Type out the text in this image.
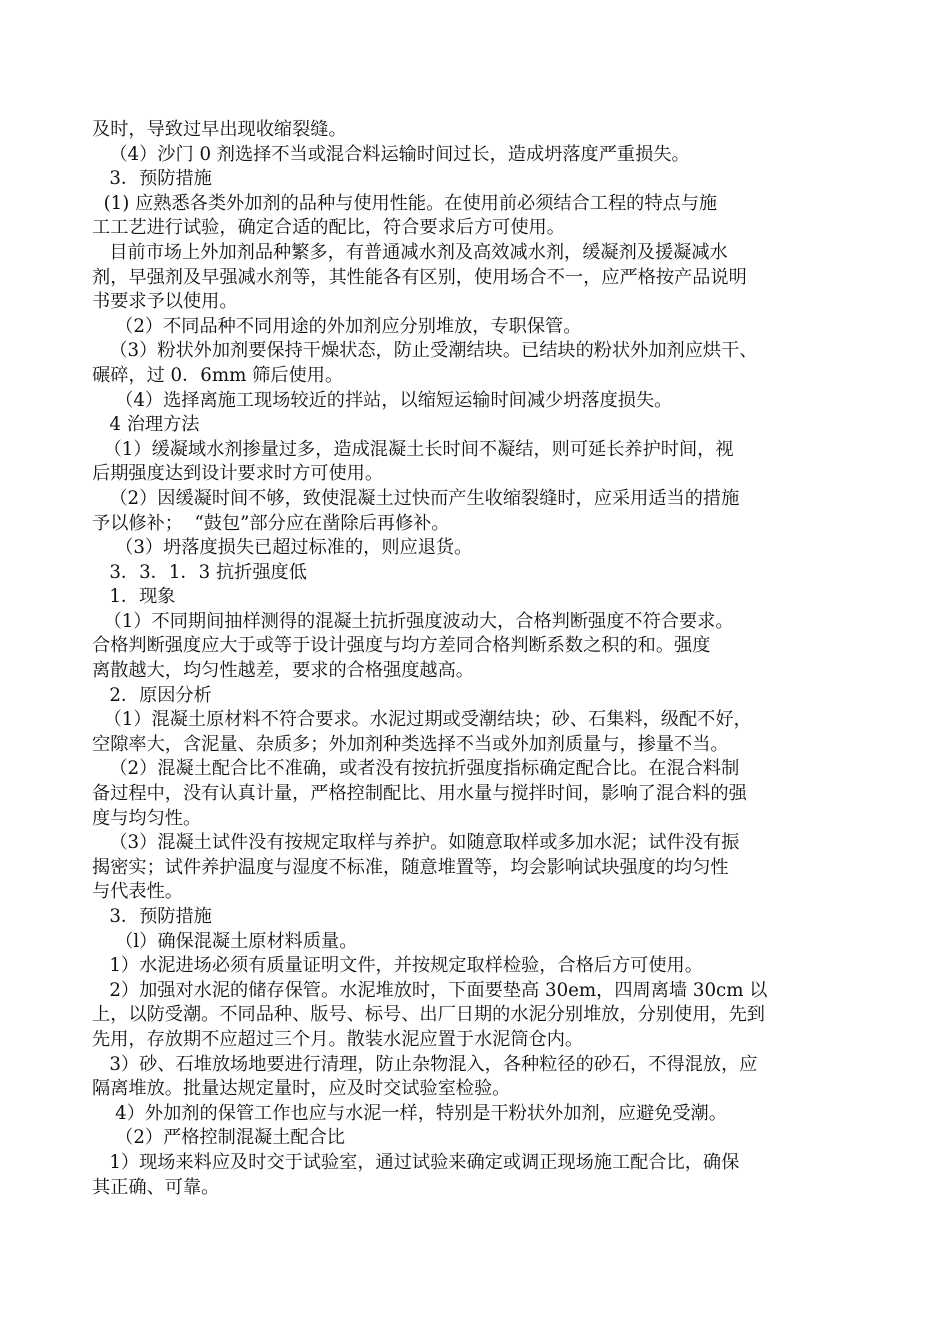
及时，导致过早出现收缩裂缝。
（4）沙门 0 剂选择不当或混合料运输时间过长，造成坍落度严重损失。
3．预防措施
(1) 应熟悉各类外加剂的品种与使用性能。在使用前必须结合工程的特点与施
工工艺进行试验，确定合适的配比，符合要求后方可使用。
目前市场上外加剂品种繁多，有普通减水剂及高效减水剂，缓凝剂及援凝减水
剂，早强剂及早强减水剂等，其性能各有区别，使用场合不一，应严格按产品说明
书要求予以使用。
（2）不同品种不同用途的外加剂应分别堆放，专职保管。
（3）粉状外加剂要保持干燥状态，防止受潮结块。已结块的粉状外加剂应烘干、
碾碎，过 0．6mm 筛后使用。
（4）选择离施工现场较近的拌站，以缩短运输时间减少坍落度损失。
4 治理方法
（1）缓凝域水剂掺量过多，造成混凝土长时间不凝结，则可延长养护时间，视
后期强度达到设计要求时方可使用。
（2）因缓凝时间不够，致使混凝土过快而产生收缩裂缝时，应采用适当的措施
予以修补；  “鼓包”部分应在凿除后再修补。
（3）坍落度损失已超过标准的，则应退货。
3．3．1．3 抗折强度低
1．现象
（1）不同期间抽样测得的混凝土抗折强度波动大，合格判断强度不符合要求。
合格判断强度应大于或等于设计强度与均方差同合格判断系数之积的和。强度
离散越大，均匀性越差，要求的合格强度越高。
2．原因分析
（1）混凝土原材料不符合要求。水泥过期或受潮结块；砂、石集料，级配不好，
空隙率大，含泥量、杂质多；外加剂种类选择不当或外加剂质量与，掺量不当。
（2）混凝土配合比不准确，或者没有按抗折强度指标确定配合比。在混合料制
备过程中，没有认真计量，严格控制配比、用水量与搅拌时间，影响了混合料的强
度与均匀性。
（3）混凝土试件没有按规定取样与养护。如随意取样或多加水泥；试件没有振
揭密实；试件养护温度与湿度不标准，随意堆置等，均会影响试块强度的均匀性
与代表性。
3．预防措施
（l）确保混凝土原材料质量。
1）水泥进场必须有质量证明文件，并按规定取样检验，合格后方可使用。
2）加强对水泥的储存保管。水泥堆放时，下面要垫高 30em，四周离墙 30cm 以
上，以防受潮。不同品种、版号、标号、出厂日期的水泥分别堆放，分别使用，先到
先用，存放期不应超过三个月。散装水泥应置于水泥筒仓内。
3）砂、石堆放场地要进行清理，防止杂物混入，各种粒径的砂石，不得混放，应
隔离堆放。批量达规定量时，应及时交试验室检验。
4）外加剂的保管工作也应与水泥一样，特别是干粉状外加剂，应避免受潮。
（2）严格控制混凝土配合比
1）现场来料应及时交于试验室，通过试验来确定或调正现场施工配合比，确保
其正确、可靠。
